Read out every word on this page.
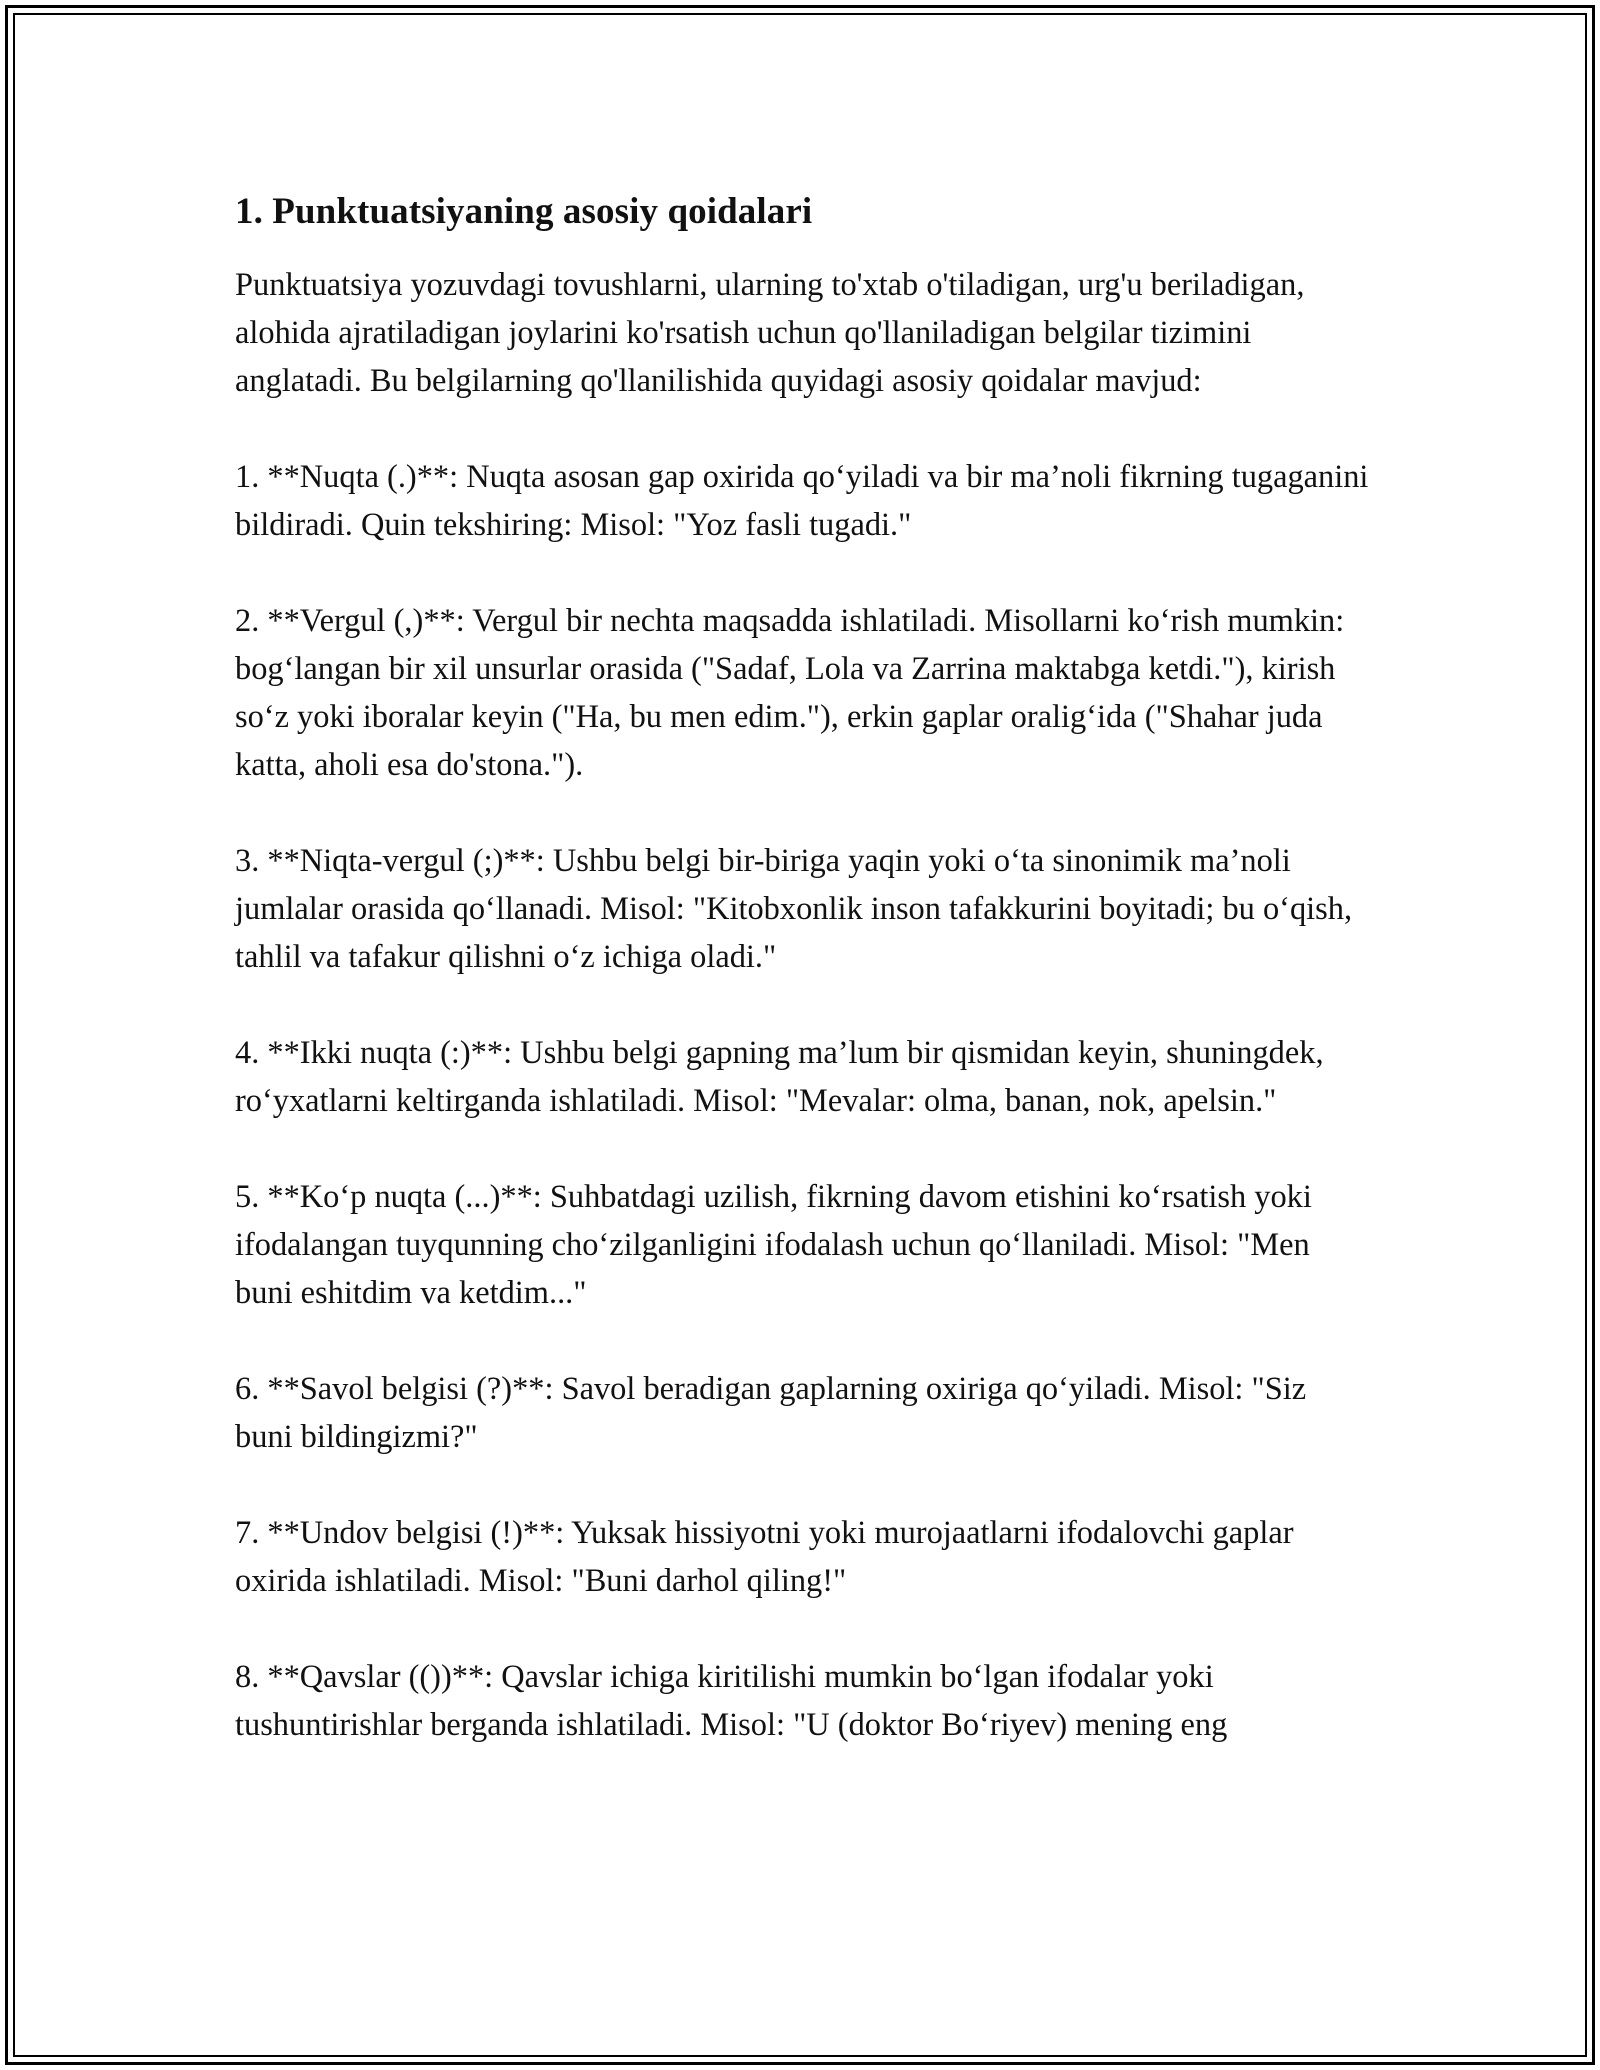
1. Punktuatsiyaning asosiy qoidalari

Punktuatsiya yozuvdagi tovushlarni, ularning to'xtab o'tiladigan, urg'u beriladigan, alohida ajratiladigan joylarini ko'rsatish uchun qo'llaniladigan belgilar tizimini anglatadi. Bu belgilarning qo'llanilishida quyidagi asosiy qoidalar mavjud:

1. **Nuqta (.)**: Nuqta asosan gap oxirida qo‘yiladi va bir ma’noli fikrning tugaganini bildiradi. Quin tekshiring: Misol: "Yoz fasli tugadi."

2. **Vergul (,)**: Vergul bir nechta maqsadda ishlatiladi. Misollarni ko‘rish mumkin: bog‘langan bir xil unsurlar orasida ("Sadaf, Lola va Zarrina maktabga ketdi."), kirish so‘z yoki iboralar keyin ("Ha, bu men edim."), erkin gaplar oralig‘ida ("Shahar juda katta, aholi esa do'stona.").

3. **Niqta-vergul (;)**: Ushbu belgi bir-biriga yaqin yoki o‘ta sinonimik ma’noli jumlalar orasida qo‘llanadi. Misol: "Kitobxonlik inson tafakkurini boyitadi; bu o‘qish, tahlil va tafakur qilishni o‘z ichiga oladi."

4. **Ikki nuqta (:)**: Ushbu belgi gapning ma’lum bir qismidan keyin, shuningdek, ro‘yxatlarni keltirganda ishlatiladi. Misol: "Mevalar: olma, banan, nok, apelsin."

5. **Ko‘p nuqta (...)**: Suhbatdagi uzilish, fikrning davom etishini ko‘rsatish yoki ifodalangan tuyqunning cho‘zilganligini ifodalash uchun qo‘llaniladi. Misol: "Men buni eshitdim va ketdim..."

6. **Savol belgisi (?)**: Savol beradigan gaplarning oxiriga qo‘yiladi. Misol: "Siz buni bildingizmi?"

7. **Undov belgisi (!)**: Yuksak hissiyotni yoki murojaatlarni ifodalovchi gaplar oxirida ishlatiladi. Misol: "Buni darhol qiling!"

8. **Qavslar (())**: Qavslar ichiga kiritilishi mumkin bo‘lgan ifodalar yoki tushuntirishlar berganda ishlatiladi. Misol: "U (doktor Bo‘riyev) mening eng
